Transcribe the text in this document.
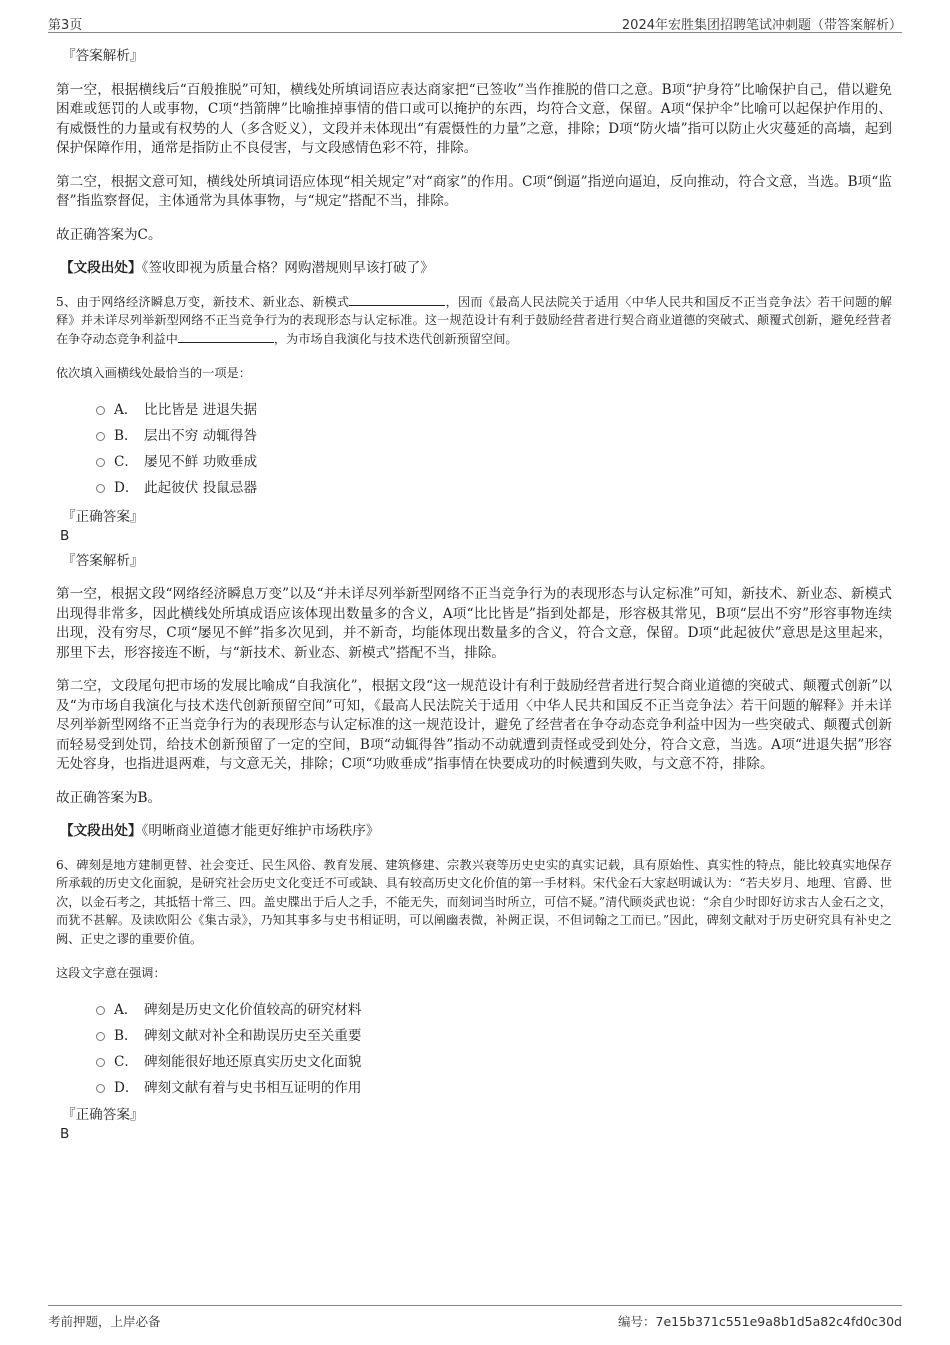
第3页	2024年宏胜集团招聘笔试冲刺题（带答案解析）
『答案解析』
第一空，根据横线后“百般推脱”可知，横线处所填词语应表达商家把“已签收”当作推脱的借口之意。B项“护身符”比喻保护自己，借以避免困难或惩罚的人或事物，C项“挡箭牌”比喻推掉事情的借口或可以掩护的东西，均符合文意，保留。A项“保护伞”比喻可以起保护作用的、有威慑性的力量或有权势的人（多含贬义），文段并未体现出“有震慑性的力量”之意，排除；D项“防火墙”指可以防止火灾蔓延的高墙，起到保护保障作用，通常是指防止不良侵害，与文段感情色彩不符，排除。
第二空，根据文意可知，横线处所填词语应体现“相关规定”对“商家”的作用。C项“倒逼”指逆向逼迫，反向推动，符合文意，当选。B项“监督”指监察督促，主体通常为具体事物，与“规定”搭配不当，排除。
故正确答案为C。
【文段出处】《签收即视为质量合格？网购潜规则早该打破了》
5、由于网络经济瞬息万变，新技术、新业态、新模式	，因而《最高人民法院关于适用〈中华人民共和国反不正当竞争法〉若干问题的解释》并未详尽列举新型网络不正当竞争行为的表现形态与认定标准。这一规范设计有利于鼓励经营者进行契合商业道德的突破式、颠覆式创新，避免经营者在争夺动态竞争利益中	，为市场自我演化与技术迭代创新预留空间。
依次填入画横线处最恰当的一项是：
A． 比比皆是 进退失据
B． 层出不穷 动辄得咎
C． 屡见不鲜 功败垂成
D． 此起彼伏 投鼠忌器
『正确答案』
B
『答案解析』
第一空，根据文段“网络经济瞬息万变”以及“并未详尽列举新型网络不正当竞争行为的表现形态与认定标准”可知，新技术、新业态、新模式出现得非常多，因此横线处所填成语应该体现出数量多的含义，A项“比比皆是”指到处都是，形容极其常见，B项“层出不穷”形容事物连续出现，没有穷尽，C项“屡见不鲜”指多次见到，并不新奇，均能体现出数量多的含义，符合文意，保留。D项“此起彼伏”意思是这里起来，那里下去，形容接连不断，与“新技术、新业态、新模式”搭配不当，排除。
第二空，文段尾句把市场的发展比喻成“自我演化”，根据文段“这一规范设计有利于鼓励经营者进行契合商业道德的突破式、颠覆式创新”以及“为市场自我演化与技术迭代创新预留空间”可知，《最高人民法院关于适用〈中华人民共和国反不正当竞争法〉若干问题的解释》并未详尽列举新型网络不正当竞争行为的表现形态与认定标准的这一规范设计，避免了经营者在争夺动态竞争利益中因为一些突破式、颠覆式创新而轻易受到处罚，给技术创新预留了一定的空间，B项“动辄得咎”指动不动就遭到责怪或受到处分，符合文意，当选。A项“进退失据”形容无处容身，也指进退两难，与文意无关，排除；C项“功败垂成”指事情在快要成功的时候遭到失败，与文意不符，排除。
故正确答案为B。
【文段出处】《明晰商业道德才能更好维护市场秩序》
6、碑刻是地方建制更替、社会变迁、民生风俗、教育发展、建筑修建、宗教兴衰等历史史实的真实记载，具有原始性、真实性的特点，能比较真实地保存所承载的历史文化面貌，是研究社会历史文化变迁不可或缺、具有较高历史文化价值的第一手材料。宋代金石大家赵明诚认为：“若夫岁月、地理、官爵、世次，以金石考之，其抵牾十常三、四。盖史牒出于后人之手，不能无失，而刻词当时所立，可信不疑。”清代顾炎武也说：“余自少时即好访求古人金石之文，而犹不甚解。及读欧阳公《集古录》，乃知其事多与史书相证明，可以阐幽表微，补阙正误，不但词翰之工而已。”因此，碑刻文献对于历史研究具有补史之阙、正史之谬的重要价值。
这段文字意在强调：
A． 碑刻是历史文化价值较高的研究材料
B． 碑刻文献对补全和勘误历史至关重要
C． 碑刻能很好地还原真实历史文化面貌
D． 碑刻文献有着与史书相互证明的作用
『正确答案』
B
考前押题，上岸必备	编号：7e15b371c551e9a8b1d5a82c4fd0c30d
